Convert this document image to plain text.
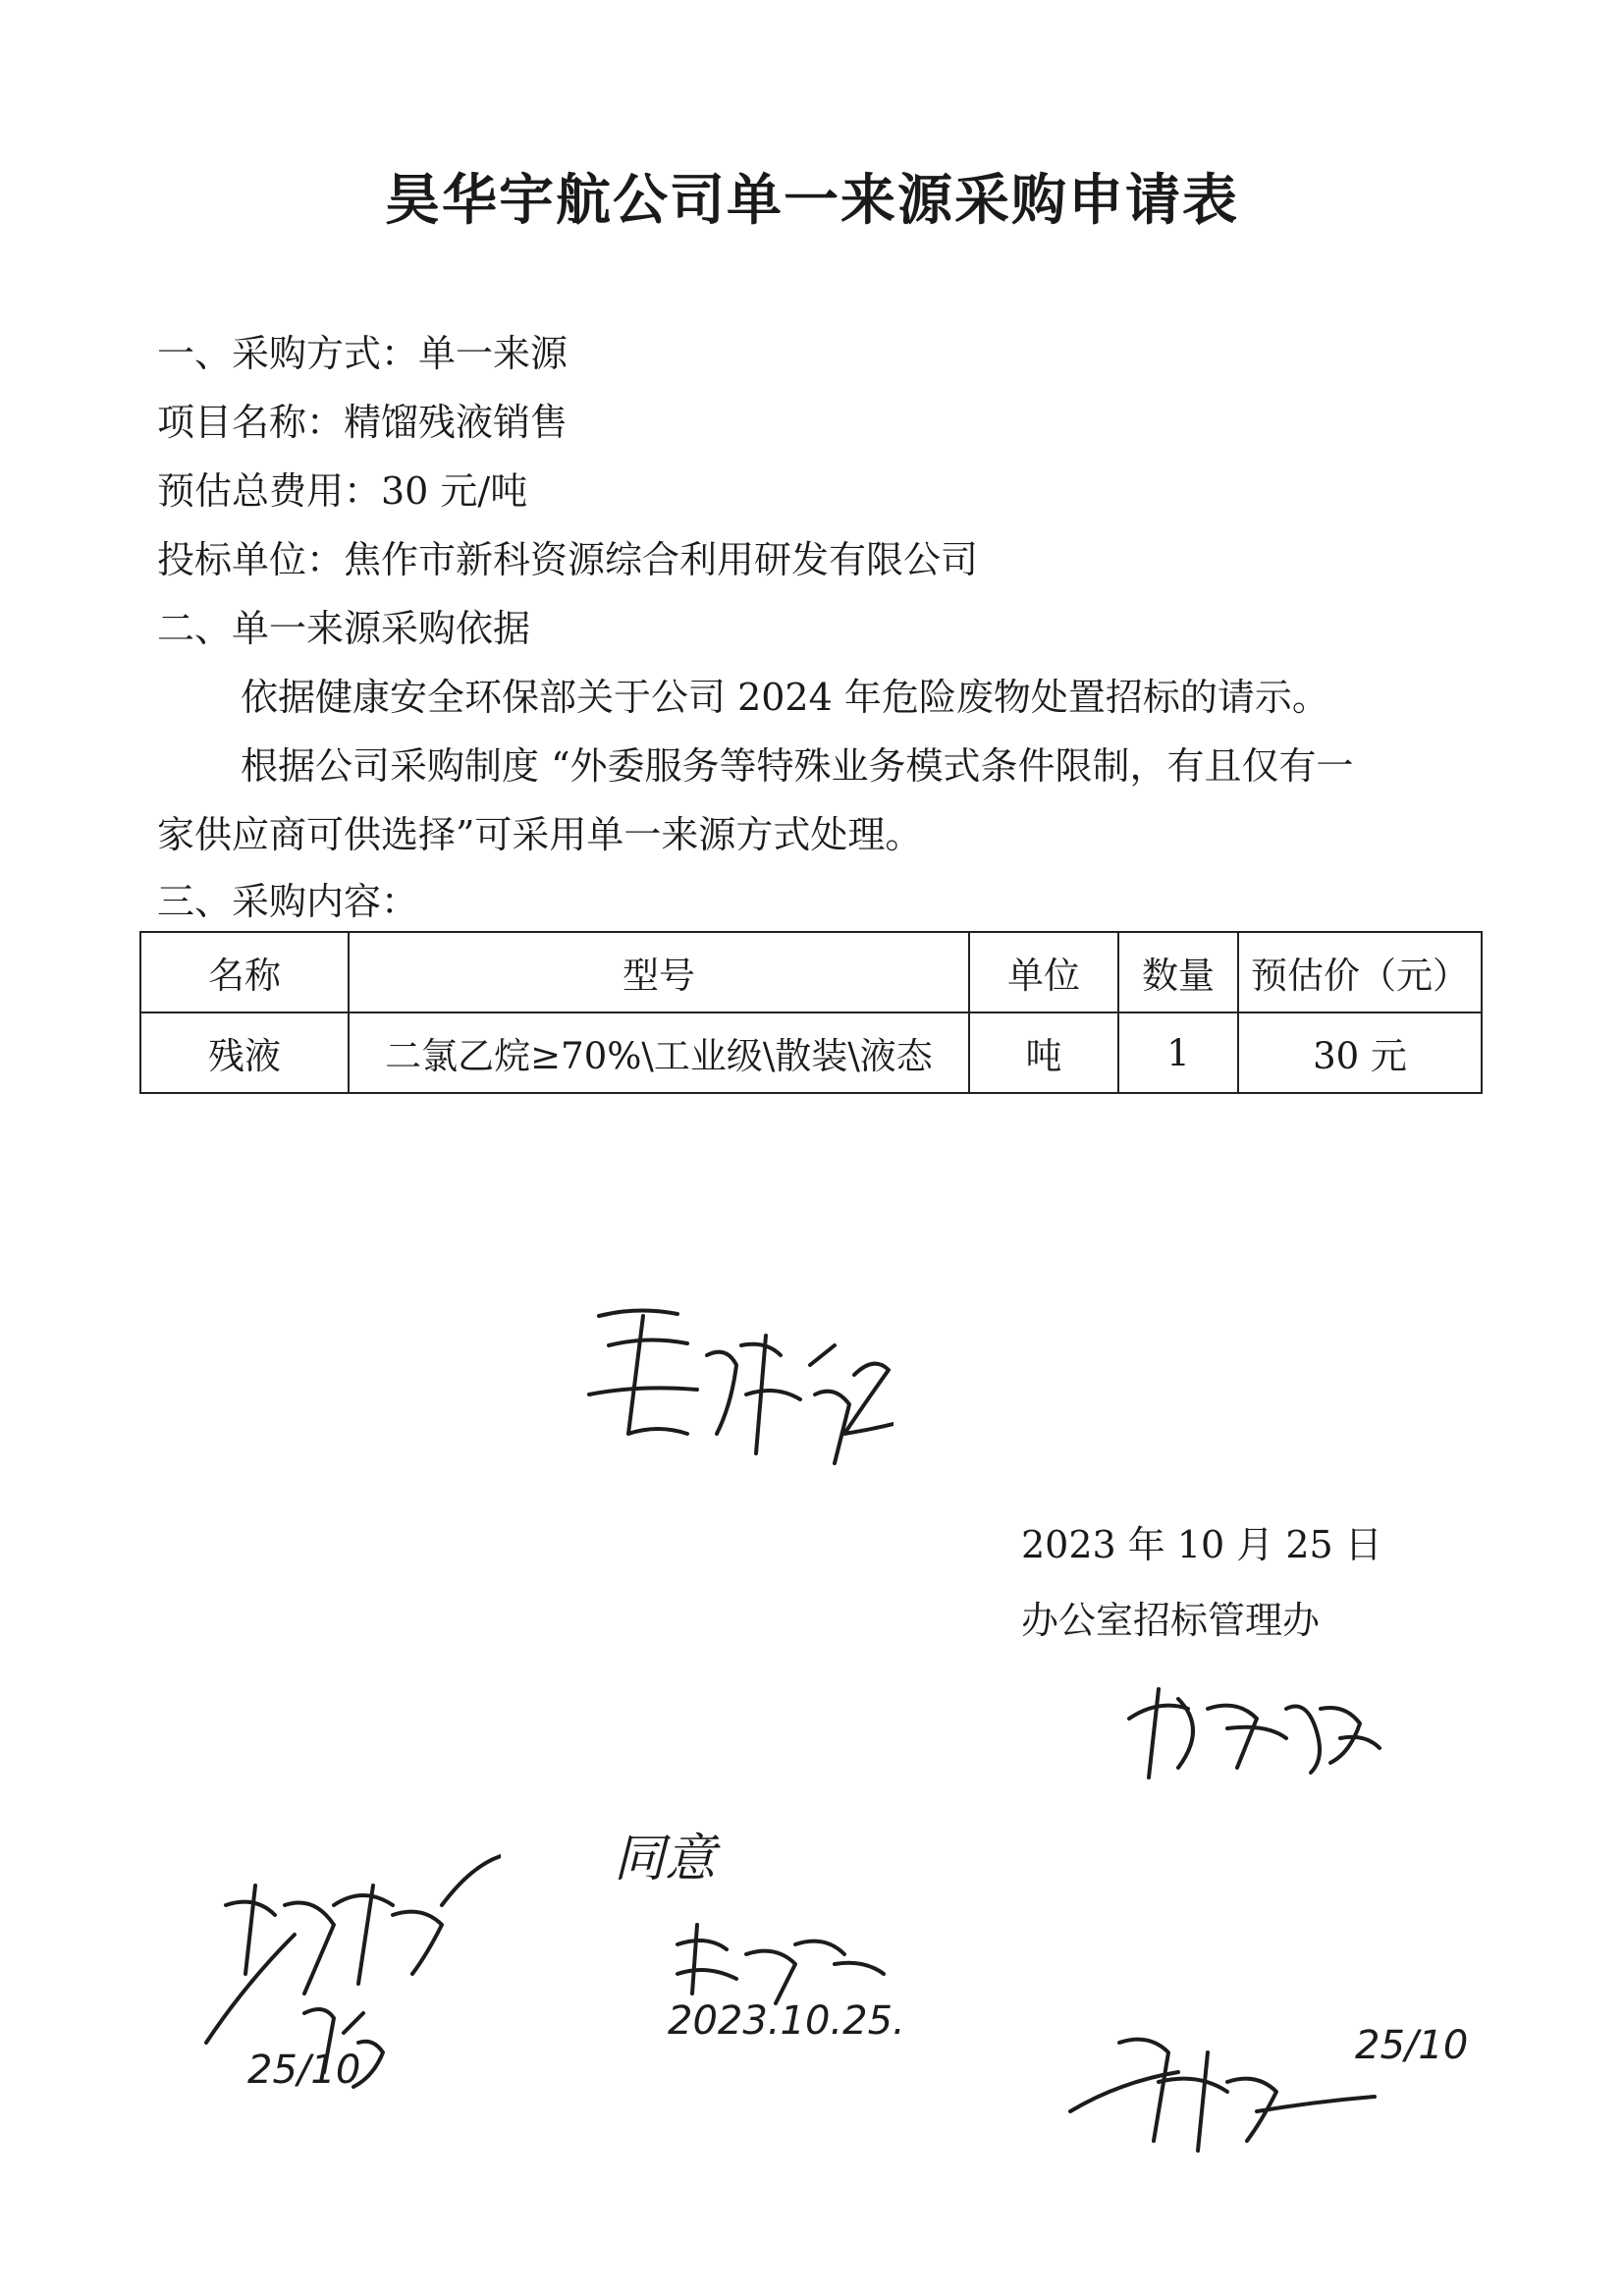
昊华宇航公司单一来源采购申请表
一、采购方式：单一来源
项目名称：精馏残液销售
预估总费用：30 元/吨
投标单位：焦作市新科资源综合利用研发有限公司
二、单一来源采购依据
依据健康安全环保部关于公司 2024 年危险废物处置招标的请示。
根据公司采购制度 “外委服务等特殊业务模式条件限制，有且仅有一
家供应商可供选择”可采用单一来源方式处理。
三、采购内容：
名称	型号	单位	数量	预估价（元）
残液	二氯乙烷≥70%\工业级\散装\液态	吨	1	30 元
2023 年 10 月 25 日
办公室招标管理办
25/10
同意
2023.10.25.
25/10
